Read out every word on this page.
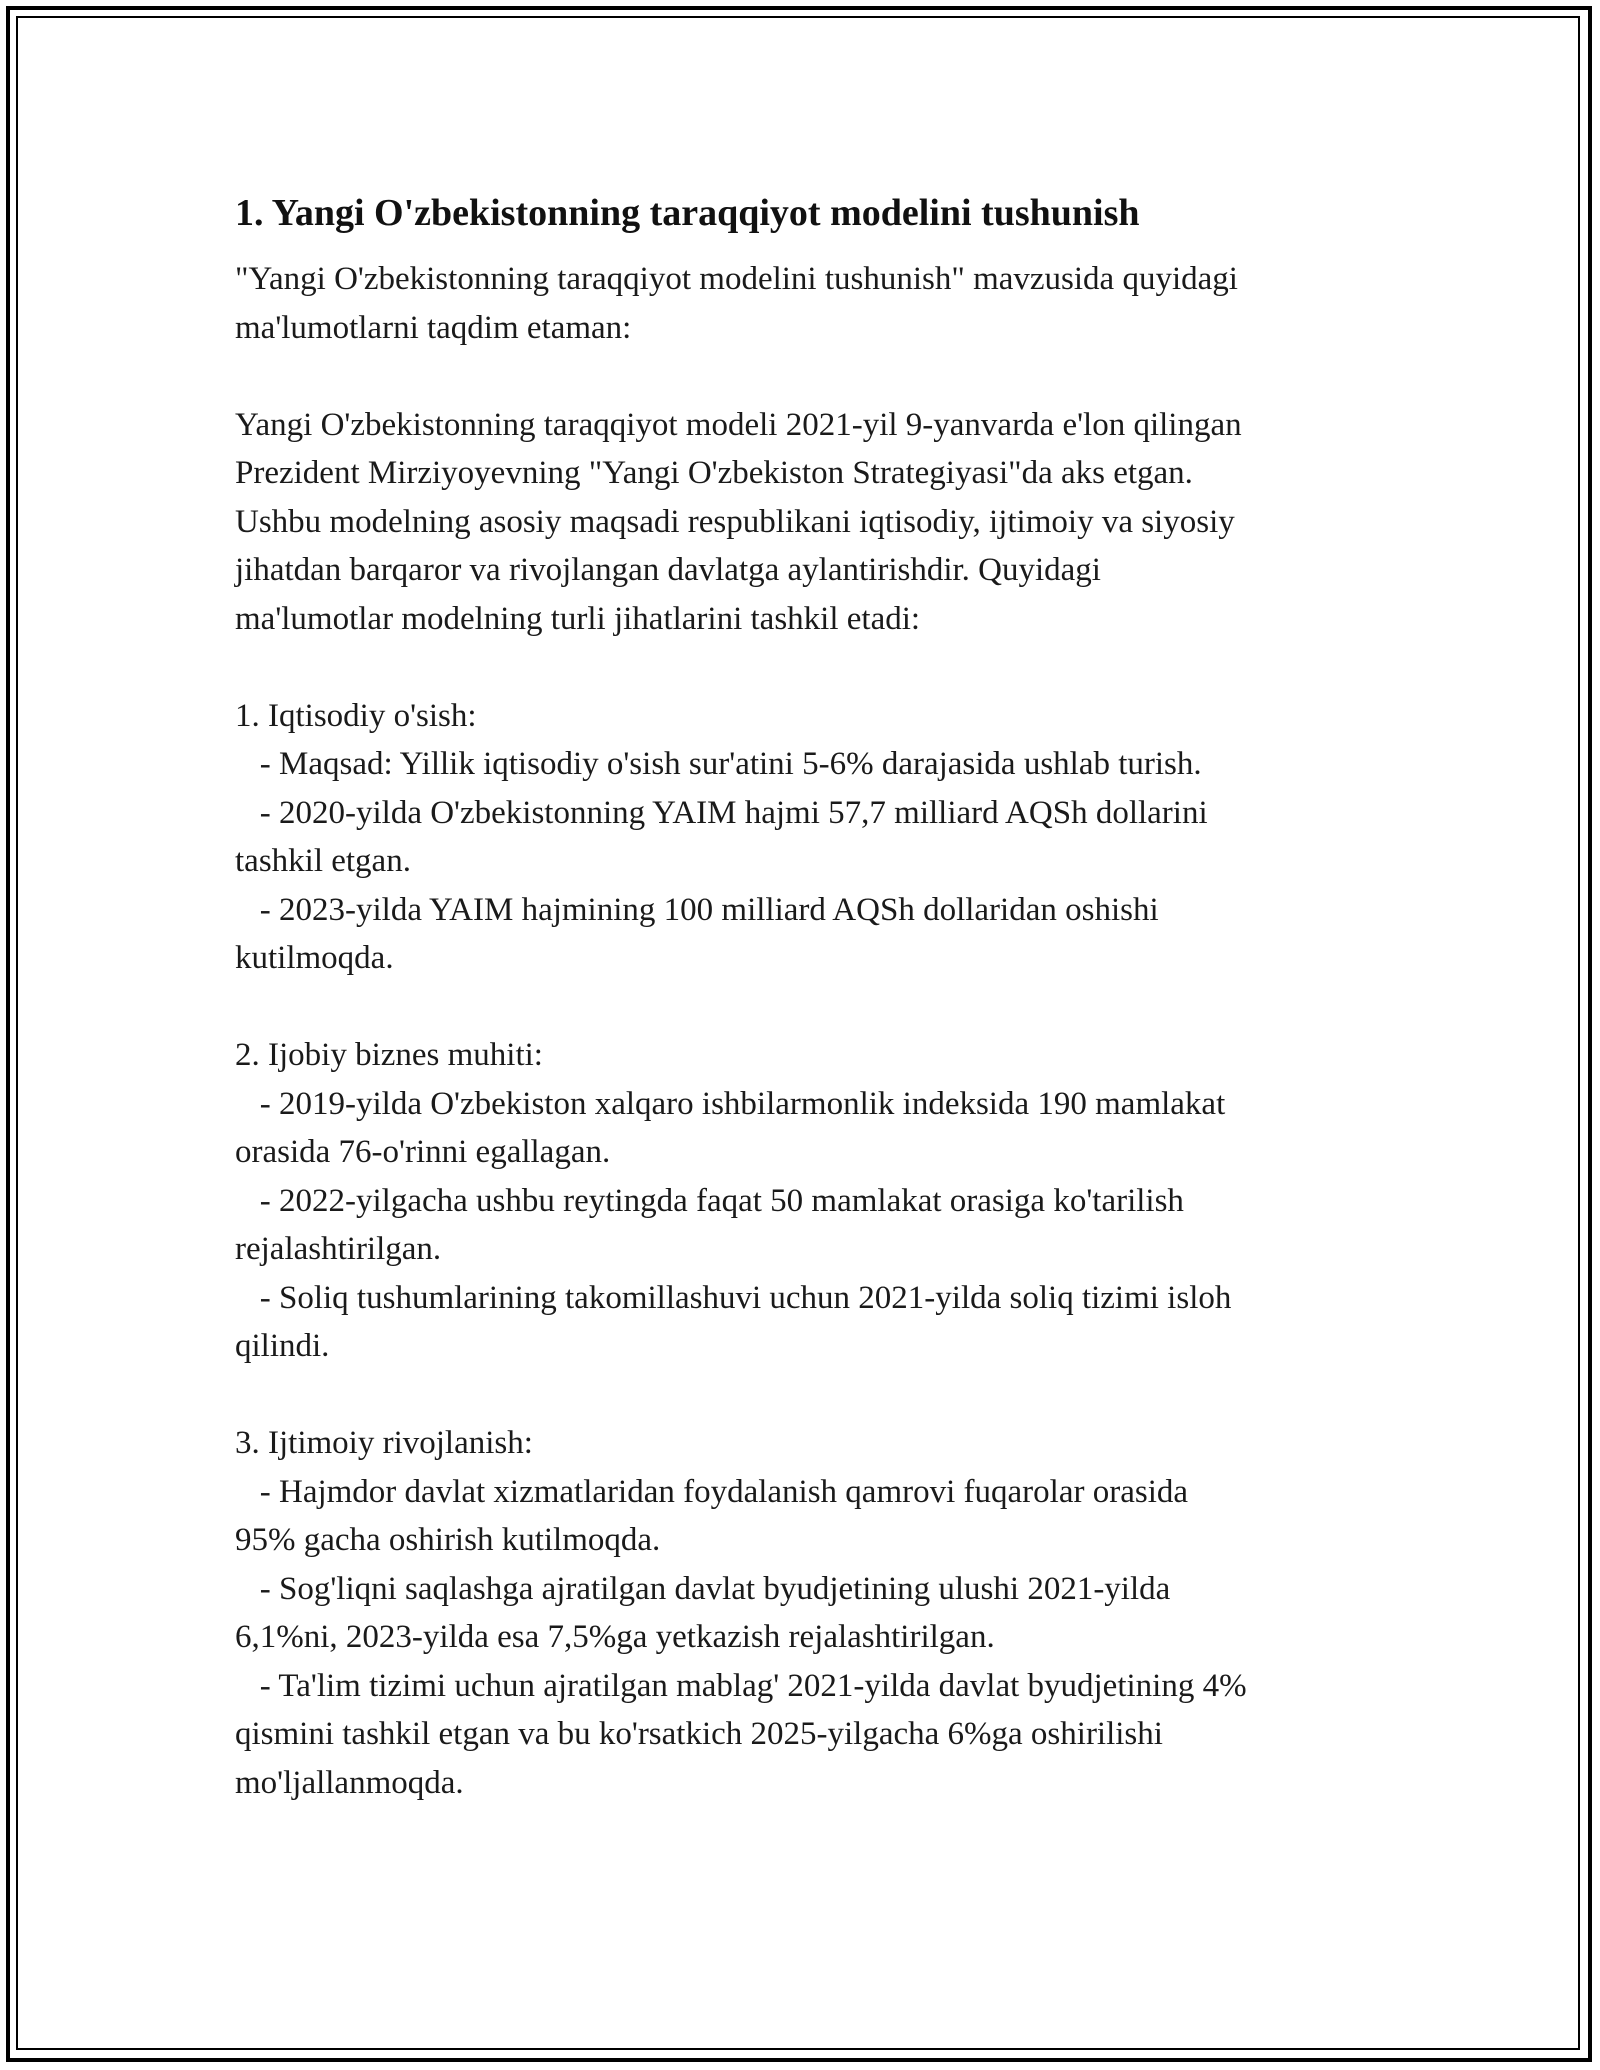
1. Yangi O'zbekistonning taraqqiyot modelini tushunish
"Yangi O'zbekistonning taraqqiyot modelini tushunish" mavzusida quyidagi
ma'lumotlarni taqdim etaman:

Yangi O'zbekistonning taraqqiyot modeli 2021-yil 9-yanvarda e'lon qilingan
Prezident Mirziyoyevning "Yangi O'zbekiston Strategiyasi"da aks etgan.
Ushbu modelning asosiy maqsadi respublikani iqtisodiy, ijtimoiy va siyosiy
jihatdan barqaror va rivojlangan davlatga aylantirishdir. Quyidagi
ma'lumotlar modelning turli jihatlarini tashkil etadi:

1. Iqtisodiy o'sish:
- Maqsad: Yillik iqtisodiy o'sish sur'atini 5-6% darajasida ushlab turish.
- 2020-yilda O'zbekistonning YAIM hajmi 57,7 milliard AQSh dollarini
tashkil etgan.
- 2023-yilda YAIM hajmining 100 milliard AQSh dollaridan oshishi
kutilmoqda.

2. Ijobiy biznes muhiti:
- 2019-yilda O'zbekiston xalqaro ishbilarmonlik indeksida 190 mamlakat
orasida 76-o'rinni egallagan.
- 2022-yilgacha ushbu reytingda faqat 50 mamlakat orasiga ko'tarilish
rejalashtirilgan.
- Soliq tushumlarining takomillashuvi uchun 2021-yilda soliq tizimi isloh
qilindi.

3. Ijtimoiy rivojlanish:
- Hajmdor davlat xizmatlaridan foydalanish qamrovi fuqarolar orasida
95% gacha oshirish kutilmoqda.
- Sog'liqni saqlashga ajratilgan davlat byudjetining ulushi 2021-yilda
6,1%ni, 2023-yilda esa 7,5%ga yetkazish rejalashtirilgan.
- Ta'lim tizimi uchun ajratilgan mablag' 2021-yilda davlat byudjetining 4%
qismini tashkil etgan va bu ko'rsatkich 2025-yilgacha 6%ga oshirilishi
mo'ljallanmoqda.
